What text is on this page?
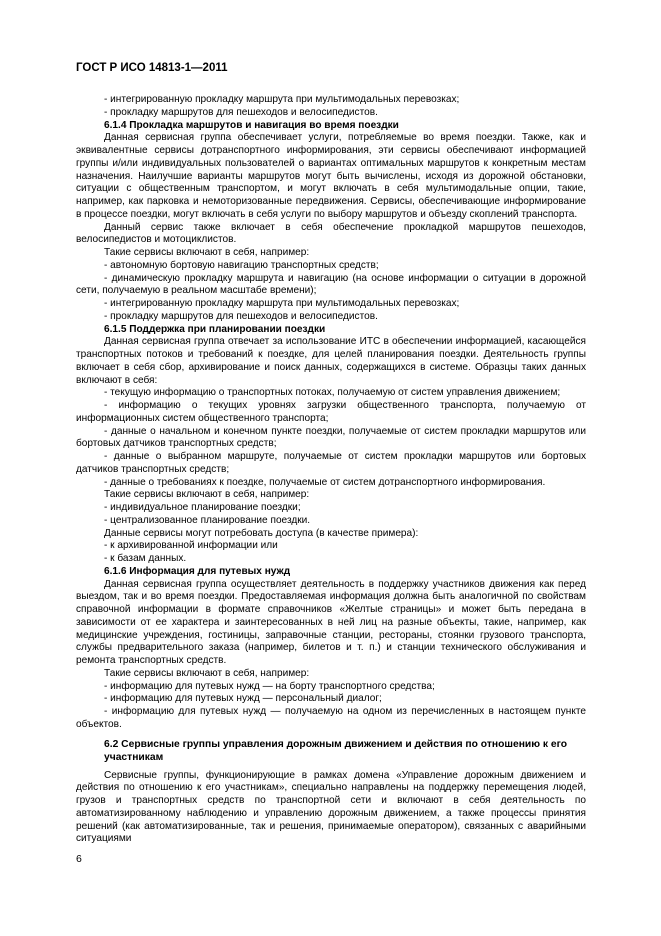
ГОСТ Р ИСО 14813-1—2011

- интегрированную прокладку маршрута при мультимодальных перевозках;

- прокладку маршрутов для пешеходов и велосипедистов.

6.1.4 Прокладка маршрутов и навигация во время поездки

Данная сервисная группа обеспечивает услуги, потребляемые во время поездки. Также, как и эквивалентные сервисы дотранспортного информирования, эти сервисы обеспечивают информацией группы и/или индивидуальных пользователей о вариантах оптимальных маршрутов к конкретным местам назначения. Наилучшие варианты маршрутов могут быть вычислены, исходя из дорожной обстановки, ситуации с общественным транспортом, и могут включать в себя мультимодальные опции, такие, например, как парковка и немоторизованные передвижения. Сервисы, обеспечивающие информирование в процессе поездки, могут включать в себя услуги по выбору маршрутов и объезду скоплений транспорта.

Данный сервис также включает в себя обеспечение прокладкой маршрутов пешеходов, велосипедистов и мотоциклистов.

Такие сервисы включают в себя, например:

- автономную бортовую навигацию транспортных средств;

- динамическую прокладку маршрута и навигацию (на основе информации о ситуации в дорожной сети, получаемую в реальном масштабе времени);

- интегрированную прокладку маршрута при мультимодальных перевозках;

- прокладку маршрутов для пешеходов и велосипедистов.

6.1.5 Поддержка при планировании поездки

Данная сервисная группа отвечает за использование ИТС в обеспечении информацией, касающейся транспортных потоков и требований к поездке, для целей планирования поездки. Деятельность группы включает в себя сбор, архивирование и поиск данных, содержащихся в системе. Образцы таких данных включают в себя:

- текущую информацию о транспортных потоках, получаемую от систем управления движением;

- информацию о текущих уровнях загрузки общественного транспорта, получаемую от информационных систем общественного транспорта;

- данные о начальном и конечном пункте поездки, получаемые от систем прокладки маршрутов или бортовых датчиков транспортных средств;

- данные о выбранном маршруте, получаемые от систем прокладки маршрутов или бортовых датчиков транспортных средств;

- данные о требованиях к поездке, получаемые от систем дотранспортного информирования.

Такие сервисы включают в себя, например:

- индивидуальное планирование поездки;

- централизованное планирование поездки.

Данные сервисы могут потребовать доступа (в качестве примера):

- к архивированной информации или

- к базам данных.

6.1.6 Информация для путевых нужд

Данная сервисная группа осуществляет деятельность в поддержку участников движения как перед выездом, так и во время поездки. Предоставляемая информация должна быть аналогичной по свойствам справочной информации в формате справочников «Желтые страницы» и может быть передана в зависимости от ее характера и заинтересованных в ней лиц на разные объекты, такие, например, как медицинские учреждения, гостиницы, заправочные станции, рестораны, стоянки грузового транспорта, службы предварительного заказа (например, билетов и т. п.) и станции технического обслуживания и ремонта транспортных средств.

Такие сервисы включают в себя, например:

- информацию для путевых нужд — на борту транспортного средства;

- информацию для путевых нужд — персональный диалог;

- информацию для путевых нужд — получаемую на одном из перечисленных в настоящем пункте объектов.

6.2 Сервисные группы управления дорожным движением и действия по отношению к его участникам

Сервисные группы, функционирующие в рамках домена «Управление дорожным движением и действия по отношению к его участникам», специально направлены на поддержку перемещения людей, грузов и транспортных средств по транспортной сети и включают в себя деятельность по автоматизированному наблюдению и управлению дорожным движением, а также процессы принятия решений (как автоматизированные, так и решения, принимаемые оператором), связанных с аварийными ситуациями

6
